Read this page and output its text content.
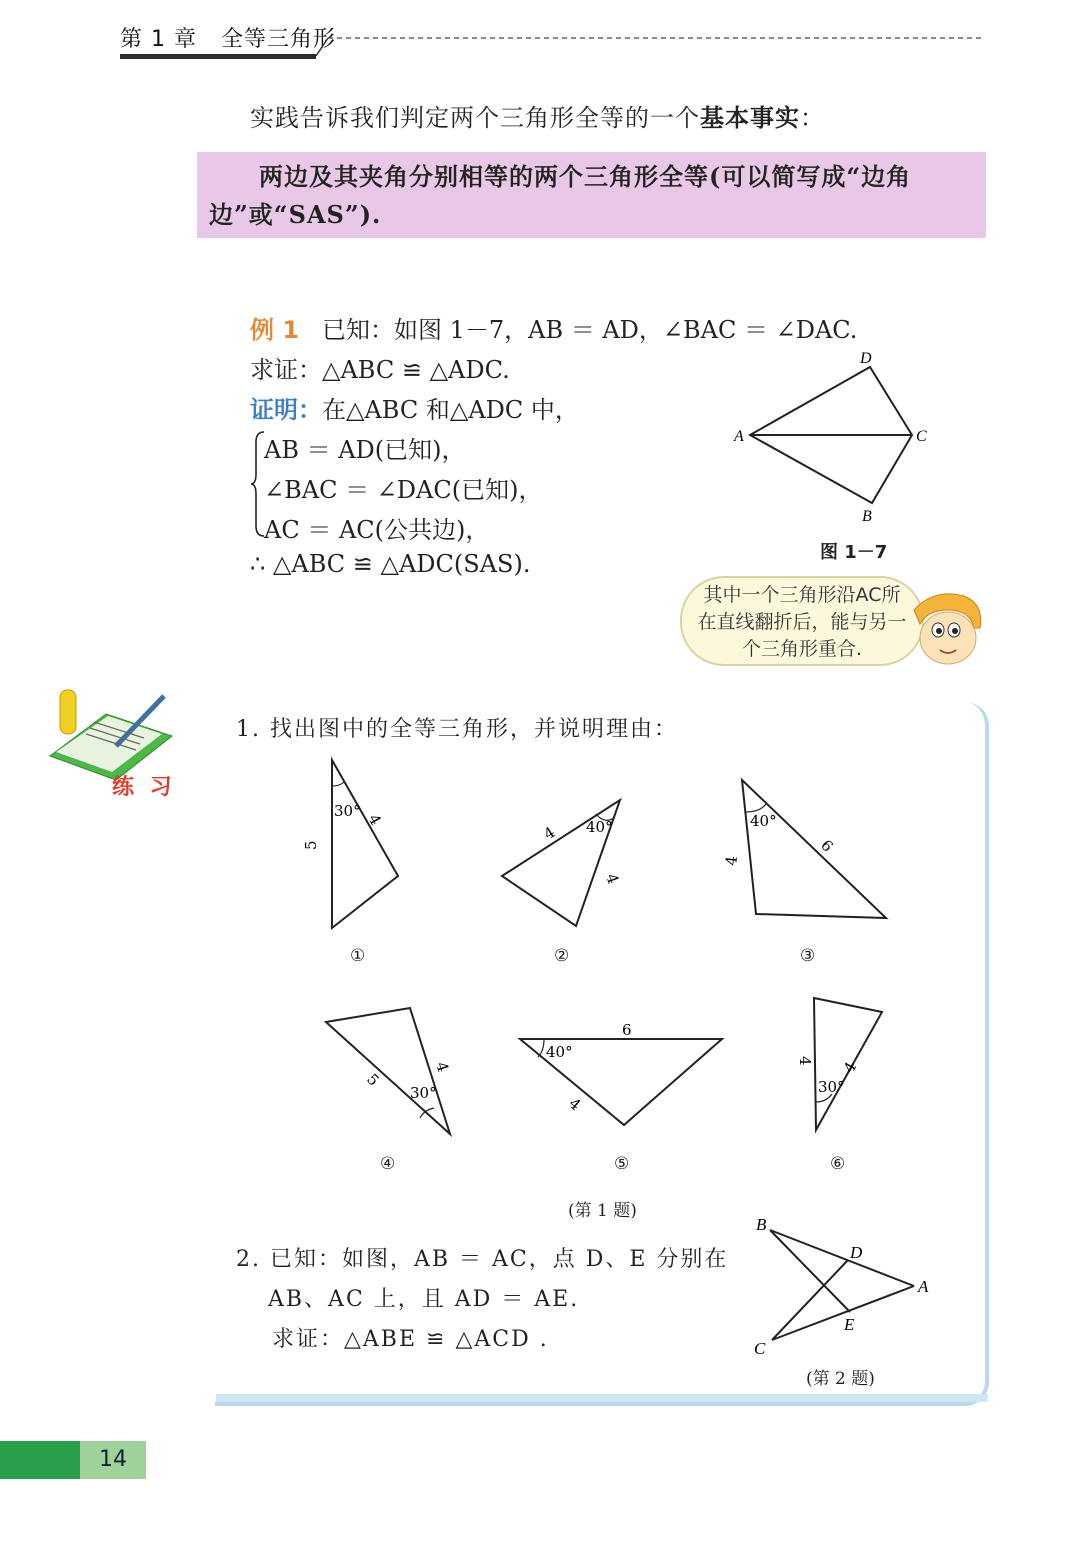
第 1 章 全等三角形
实践告诉我们判定两个三角形全等的一个基本事实：
两边及其夹角分别相等的两个三角形全等(可以简写成“边角边”或“SAS”).
例 1 已知：如图 1－7，AB ＝ AD，∠BAC ＝ ∠DAC.
求证：△ABC ≌ △ADC.
证明：在△ABC 和△ADC 中，
AB ＝ AD(已知)，
∠BAC ＝ ∠DAC(已知)，
AC ＝ AC(公共边)，
∴ △ABC ≌ △ADC(SAS).
A	C
D
B
图 1－7
其中一个三角形沿AC所在直线翻折后，能与另一个三角形重合.
练 习
1. 找出图中的全等三角形，并说明理由：
30° 4
5
①
40°
4
4
②
40°
4
6
③
30°
5
4
④
40°
6
4
⑤
30°
4 4
⑥
(第 1 题)
2. 已知：如图，AB ＝ AC，点 D、E 分别在
AB、AC 上，且 AD ＝ AE.
求证：△ABE ≌ △ACD .
B
D
A
E
C
(第 2 题)
14
